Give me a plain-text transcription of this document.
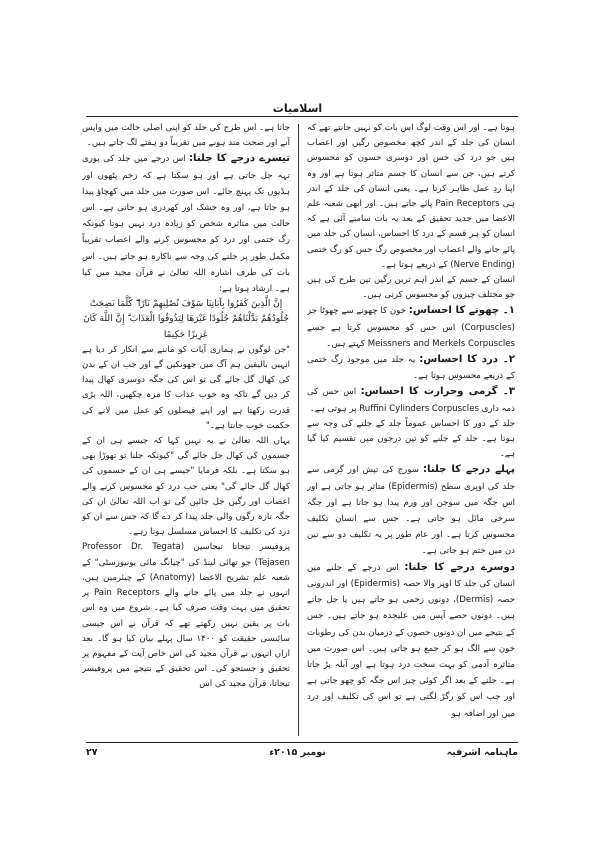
اسلامیات

ہوتا ہے۔ اور اس وقت لوگ اس بات کو نہیں جانتے تھے کہ انسان کی جلد کے اندر کچھ مخصوص رگیں اور اعصاب ہیں جو درد کی حس اور دوسری حسوں کو محسوس کرتے ہیں، جن سے انسان کا جسم متاثر ہوتا ہے اور وہ اپنا ردِ عمل ظاہر کرتا ہے۔ یعنی انسان کی جلد کے اندر ہی Pain Receptors پائے جاتے ہیں۔ اور ابھی شعبہ علم الاعضا میں جدید تحقیق کے بعد یہ بات سامنے آئی ہے کہ انسان کو ہر قسم کے درد کا احساس، انسان کی جلد میں پائے جانے والے اعصاب اور مخصوص رگ حس کو رگ ختمی (Nerve Ending) کے ذریعے ہوتا ہے۔

انسان کے جسم کے اندر اہم ترین رگیں تین طرح کی ہیں جو مختلف چیزوں کو محسوس کرتی ہیں۔

۱۔ چھونے کا احساس: خون کا چھونے سے چھوٹا جز (Corpuscles) اس حس کو محسوس کرتا ہے جسے Meissners and Merkels Corpuscles کہتے ہیں۔

۲۔ درد کا احساس: یہ جلد میں موجود رگ ختمی کے ذریعے محسوس ہوتا ہے۔

۳۔ گرمی وحرارت کا احساس: اس حس کی ذمہ داری Ruffini Cylinders Corpuscles پر ہوتی ہے۔

جلد کے دور کا احساس عموماً جلد کے جلنے کی وجہ سے ہوتا ہے۔ جلد کے جلنے کو تین درجوں میں تقسیم کیا گیا ہے۔

پہلے درجے کا جلنا: سورج کی تپش اور گرمی سے جلد کی اوپری سطح (Epidermis) متاثر ہو جاتی ہے اور اس جگہ میں سوجن اور ورم پیدا ہو جاتا ہے اور جگہ سرخی مائل ہو جاتی ہے۔ جس سے انسان تکلیف محسوس کرتا ہے۔ اور عام طور پر یہ تکلیف دو سے تین دن میں ختم ہو جاتی ہے۔

دوسرے درجے کا جلنا: اس درجے کے جلنے میں انسان کی جلد کا اوپر والا حصہ (Epidermis) اور اندرونی حصہ (Dermis)، دونوں زخمی ہو جاتے ہیں یا جل جاتے ہیں۔ دونوں حصے آپس میں علیحدہ ہو جاتے ہیں۔ جس کے نتیجے میں ان دونوں حصوں کے درمیان بدن کی رطوبات خون سے الگ ہو کر جمع ہو جاتی ہیں۔ اس صورت میں متاثرہ آدمی کو بہت سخت درد ہوتا ہے اور آبلہ پڑ جاتا ہے۔ جلنے کے بعد اگر کوئی چیز اس جگہ کو چھو جاتی ہے اور جب اس کو رگڑ لگتی ہے تو اس کی تکلیف اور درد میں اور اضافہ ہو

جاتا ہے۔ اس طرح کی جلد کو اپنی اصلی حالت میں واپس آنے اور صحت مند ہونے میں تقریباً دو ہفتے لگ جاتے ہیں۔

تیسرے درجے کا جلنا: اس درجے میں جلد کی پوری تہہ جل جاتی ہے اور ہو سکتا ہے کہ زخم پٹھوں اور ہڈیوں تک پہنچ جائے۔ اس صورت میں جلد میں کھچاؤ پیدا ہو جاتا ہے، اور وہ خشک اور کھردری ہو جاتی ہے۔ اس حالت میں متاثرہ شخص کو زیادہ درد نہیں ہوتا کیونکہ رگ ختمی اور درد کو محسوس کرنے والے اعصاب تقریباً مکمل طور پر جلنے کی وجہ سے ناکارہ ہو جاتے ہیں۔ اس بات کی طرف اشارہ اللہ تعالیٰ نے قرآن مجید میں کیا ہے۔ ارشاد ہوتا ہے:

إِنَّ الَّذِينَ كَفَرُوا بِآيَاتِنَا سَوْفَ نُصْلِيهِمْ نَارًا ۖ كُلَّمَا نَضِجَتْ جُلُودُهُمْ بَدَّلْنَاهُمْ جُلُودًا غَيْرَهَا لِيَذُوقُوا الْعَذَابَ ۗ إِنَّ اللَّهَ كَانَ عَزِيزًا حَكِيمًا

"جن لوگوں نے ہماری آیات کو ماننے سے انکار کر دیا ہے انہیں بالیقین ہم آگ میں جھونکیں گے اور جب ان کے بدن کی کھال گل جائے گی تو اس کی جگہ دوسری کھال پیدا کر دیں گے تاکہ وہ خوب عذاب کا مزہ چکھیں، اللہ بڑی قدرت رکھتا ہے اور اپنے فیصلوں کو عمل میں لانے کی حکمت خوب جانتا ہے۔"

یہاں اللہ تعالیٰ نے یہ نہیں کہا کہ جیسے ہی ان کے جسموں کی کھال جل جائے گی "کیونکہ جلنا تو تھوڑا بھی ہو سکتا ہے۔ بلکہ فرمایا "جیسے ہی ان کے جسموں کی کھال گل جائے گی" یعنی جب درد کو محسوس کرنے والے اعصاب اور رگیں جل جائیں گی تو اب اللہ تعالیٰ ان کی جگہ تازہ رگوں والی جلد پیدا کر دے گا کہ جس سے ان کو درد کی تکلیف کا احساس مسلسل ہوتا رہے۔

پروفیسر تیجاتا تیجاسین (Professor Dr. Tegata Tejasen) جو تھائی لینڈ کی "چیانگ مائی یونیورسٹی" کے شعبہ علم تشریح الاعضا (Anatomy) کے چیئرمین ہیں، انہوں نے جلد میں پائے جانے والے Pain Receptors پر تحقیق میں بہت وقت صرف کیا ہے۔ شروع میں وہ اس بات پر یقین نہیں رکھتے تھے کہ قرآن نے اس جیسی سائنسی حقیقت کو ۱۴۰۰ سال پہلے بیان کیا ہو گا۔ بعد ازاں انہوں نے قرآن مجید کی اس خاص آیت کے مفہوم پر تحقیق و جستجو کی۔ اس تحقیق کے نتیجے میں پروفیسر تیجاتا، قرآن مجید کی اس

۲۷	نومبر ۲۰۱۵ء	ماہنامہ اشرفیہ
